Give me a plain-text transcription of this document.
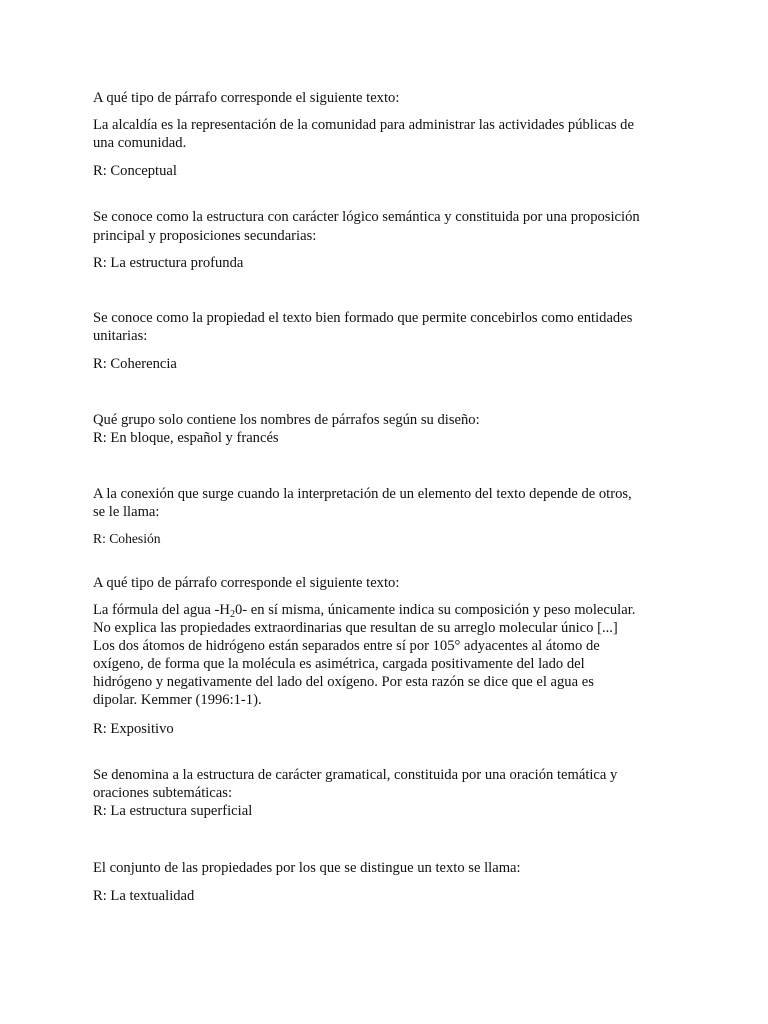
A qué tipo de párrafo corresponde el siguiente texto:

La alcaldía es la representación de la comunidad para administrar las actividades públicas de

una comunidad.

R: Conceptual

Se conoce como la estructura con carácter lógico semántica y constituida por una proposición

principal y proposiciones secundarias:

R: La estructura profunda

Se conoce como la propiedad el texto bien formado que permite concebirlos como entidades

unitarias:

R: Coherencia

Qué grupo solo contiene los nombres de párrafos según su diseño:

R: En bloque, español y francés

A la conexión que surge cuando la interpretación de un elemento del texto depende de otros,

se le llama:

R: Cohesión

A qué tipo de párrafo corresponde el siguiente texto:

La fórmula del agua $-H_20-$ en sí misma, únicamente indica su composición y peso molecular.

No explica las propiedades extraordinarias que resultan de su arreglo molecular único [...]

Los dos átomos de hidrógeno están separados entre sí por 105° adyacentes al átomo de

oxígeno, de forma que la molécula es asimétrica, cargada positivamente del lado del

hidrógeno y negativamente del lado del oxígeno. Por esta razón se dice que el agua es

dipolar. Kemmer (1996:1-1).

R: Expositivo

Se denomina a la estructura de carácter gramatical, constituida por una oración temática y

oraciones subtemáticas:

R: La estructura superficial

El conjunto de las propiedades por los que se distingue un texto se llama:

R: La textualidad
